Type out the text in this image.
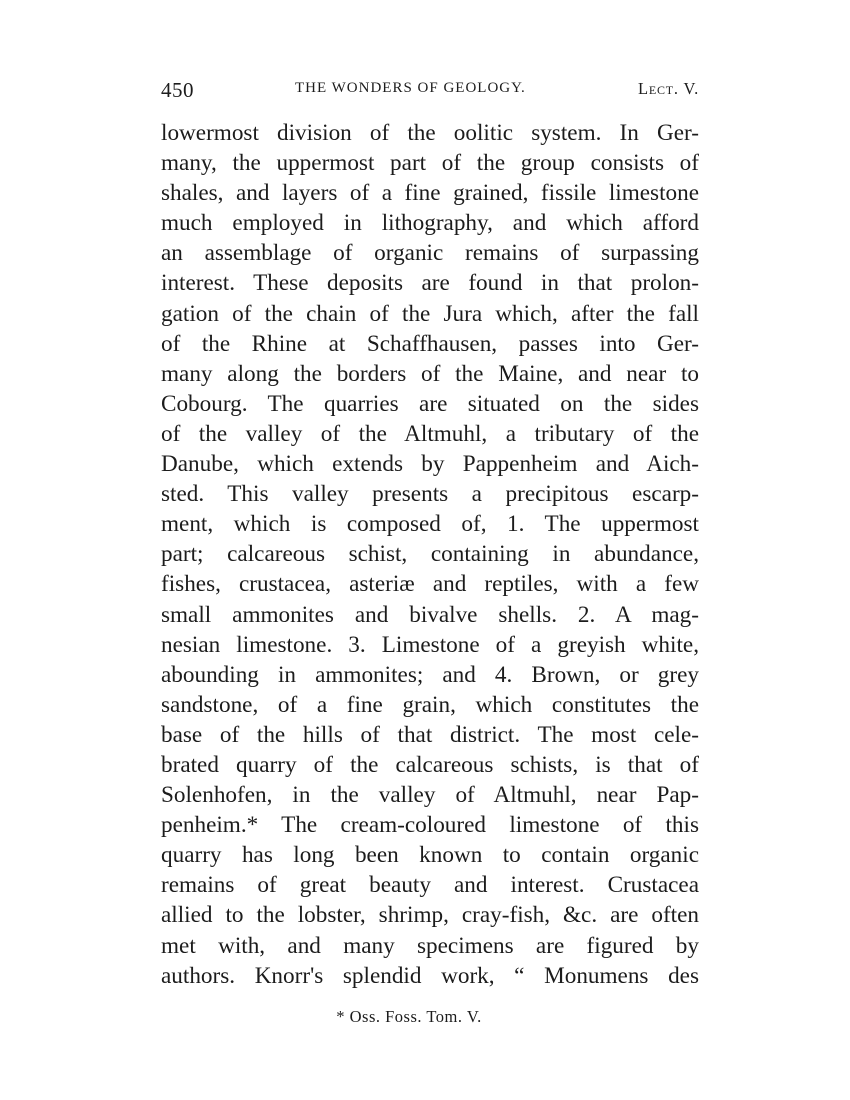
450	THE WONDERS OF GEOLOGY.	Lect. V.
lowermost division of the oolitic system. In Ger-
many, the uppermost part of the group consists of
shales, and layers of a fine grained, fissile limestone
much employed in lithography, and which afford
an assemblage of organic remains of surpassing
interest. These deposits are found in that prolon-
gation of the chain of the Jura which, after the fall
of the Rhine at Schaffhausen, passes into Ger-
many along the borders of the Maine, and near to
Cobourg. The quarries are situated on the sides
of the valley of the Altmuhl, a tributary of the
Danube, which extends by Pappenheim and Aich-
sted. This valley presents a precipitous escarp-
ment, which is composed of, 1. The uppermost
part; calcareous schist, containing in abundance,
fishes, crustacea, asteriæ and reptiles, with a few
small ammonites and bivalve shells. 2. A mag-
nesian limestone. 3. Limestone of a greyish white,
abounding in ammonites; and 4. Brown, or grey
sandstone, of a fine grain, which constitutes the
base of the hills of that district. The most cele-
brated quarry of the calcareous schists, is that of
Solenhofen, in the valley of Altmuhl, near Pap-
penheim.* The cream-coloured limestone of this
quarry has long been known to contain organic
remains of great beauty and interest. Crustacea
allied to the lobster, shrimp, cray-fish, &c. are often
met with, and many specimens are figured by
authors. Knorr's splendid work, “ Monumens des
* Oss. Foss. Tom. V.
